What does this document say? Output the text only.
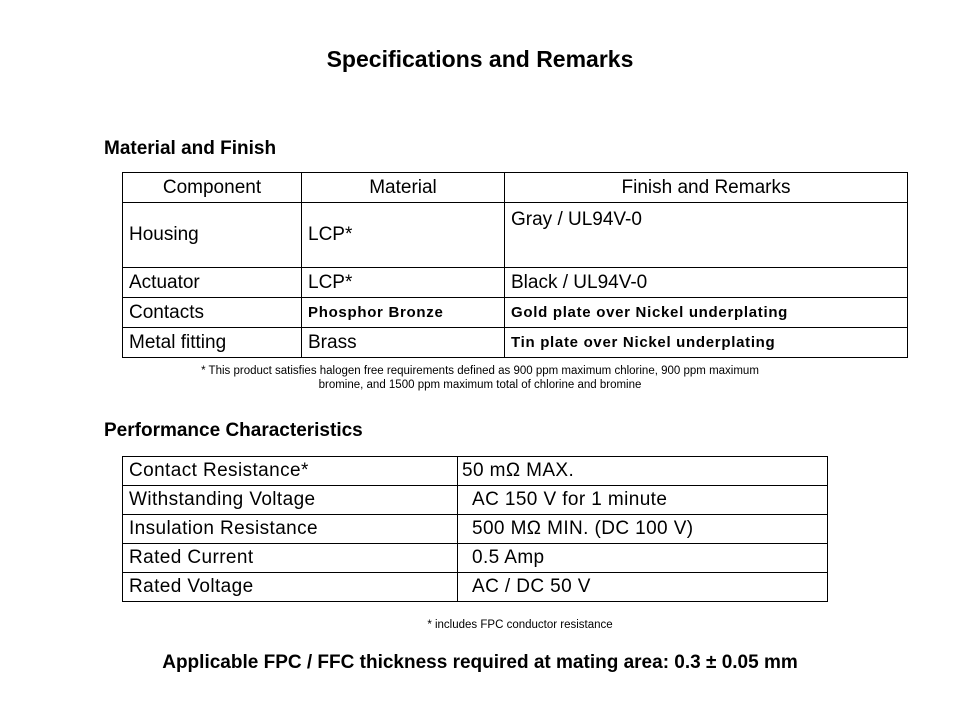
Specifications and Remarks
Material and Finish
Component	Material	Finish and Remarks
Housing	LCP*	Gray / UL94V-0
Actuator	LCP*	Black / UL94V-0
Contacts	Phosphor Bronze	Gold plate over Nickel underplating
Metal fitting	Brass	Tin plate over Nickel underplating
* This product satisfies halogen free requirements defined as 900 ppm maximum chlorine, 900 ppm maximum
bromine, and 1500 ppm maximum total of chlorine and bromine
Performance Characteristics
Contact Resistance*	50 mΩ MAX.
Withstanding Voltage	AC 150 V for 1 minute
Insulation Resistance	500 MΩ MIN. (DC 100 V)
Rated Current	0.5 Amp
Rated Voltage	AC / DC 50 V
* includes FPC conductor resistance
Applicable FPC / FFC thickness required at mating area: 0.3 ± 0.05 mm
